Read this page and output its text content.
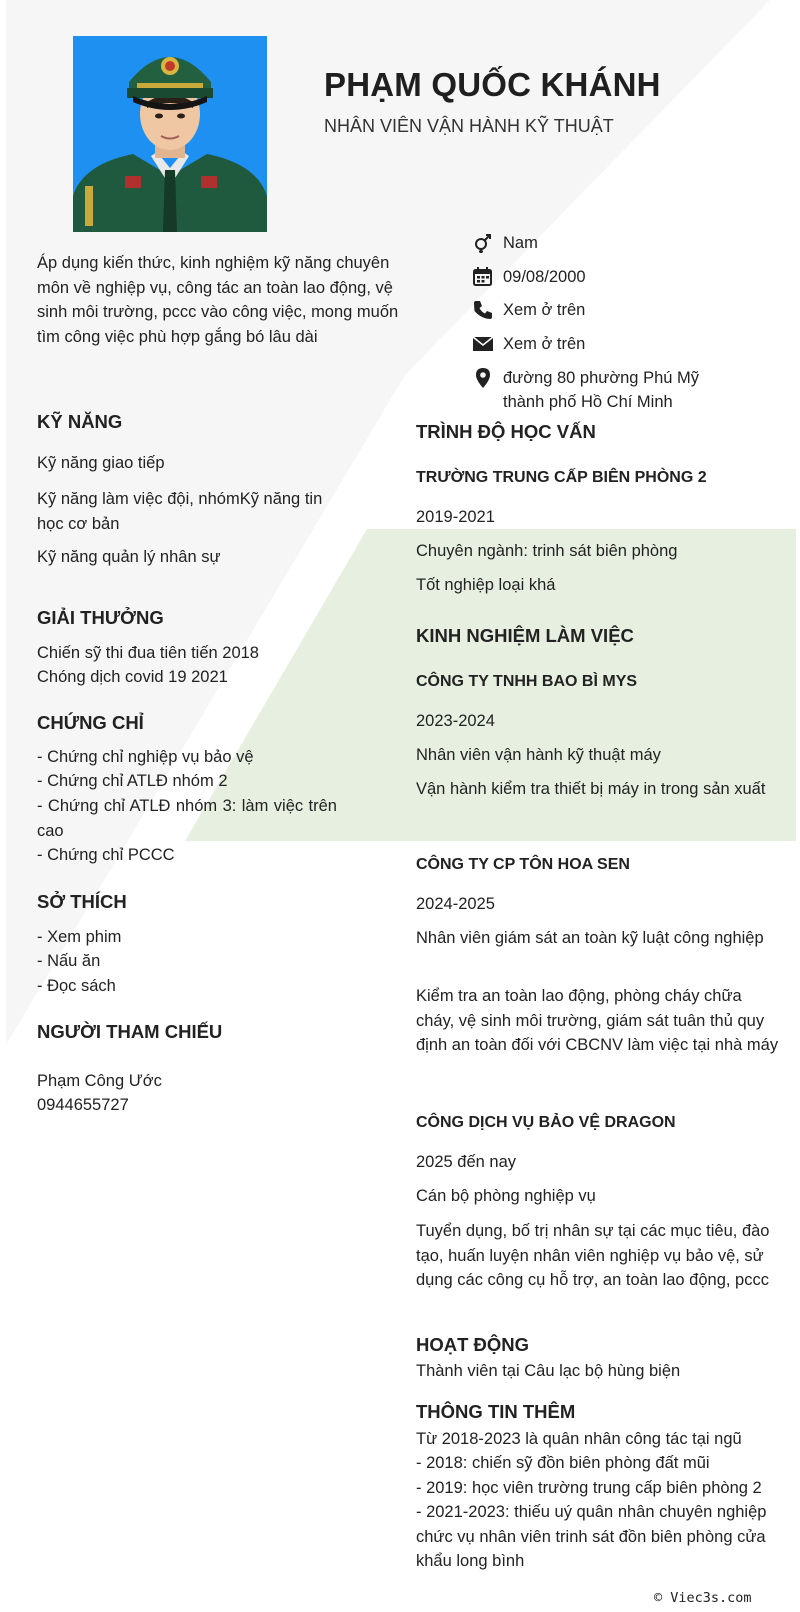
PHẠM QUỐC KHÁNH
NHÂN VIÊN VẬN HÀNH KỸ THUẬT
Áp dụng kiến thức, kinh nghiệm kỹ năng chuyên môn về nghiệp vụ, công tác an toàn lao động, vệ sinh môi trường, pccc vào công việc, mong muốn tìm công việc phù hợp gắng bó lâu dài
Nam
09/08/2000
Xem ở trên
Xem ở trên
đường 80 phường Phú Mỹ
thành phố Hồ Chí Minh
KỸ NĂNG
Kỹ năng giao tiếp
Kỹ năng làm việc đội, nhómKỹ năng tin học cơ bản
Kỹ năng quản lý nhân sự
GIẢI THƯỞNG
Chiến sỹ thi đua tiên tiến 2018
Chóng dịch covid 19 2021
CHỨNG CHỈ
- Chứng chỉ nghiệp vụ bảo vệ
- Chứng chỉ ATLĐ nhóm 2
- Chứng chỉ ATLĐ nhóm 3: làm việc trên cao
- Chứng chỉ PCCC
SỞ THÍCH
- Xem phim
- Nấu ăn
- Đọc sách
NGƯỜI THAM CHIẾU
Phạm Công Ước
0944655727
TRÌNH ĐỘ HỌC VẤN
TRƯỜNG TRUNG CẤP BIÊN PHÒNG 2
2019-2021
Chuyên ngành: trinh sát biên phòng
Tốt nghiệp loại khá
KINH NGHIỆM LÀM VIỆC
CÔNG TY TNHH BAO BÌ MYS
2023-2024
Nhân viên vận hành kỹ thuật máy
Vận hành kiểm tra thiết bị máy in trong sản xuất
CÔNG TY CP TÔN HOA SEN
2024-2025
Nhân viên giám sát an toàn kỹ luật công nghiệp
Kiểm tra an toàn lao động, phòng cháy chữa cháy, vệ sinh môi trường, giám sát tuân thủ quy định an toàn đối với CBCNV làm việc tại nhà máy
CÔNG DỊCH VỤ BẢO VỆ DRAGON
2025 đến nay
Cán bộ phòng nghiệp vụ
Tuyển dụng, bố trị nhân sự tại các mục tiêu, đào tạo, huấn luyện nhân viên nghiệp vụ bảo vệ, sử dụng các công cụ hỗ trợ, an toàn lao động, pccc
HOẠT ĐỘNG
Thành viên tại Câu lạc bộ hùng biện
THÔNG TIN THÊM
Từ 2018-2023 là quân nhân công tác tại ngũ
- 2018: chiến sỹ đồn biên phòng đất mũi
- 2019: học viên trường trung cấp biên phòng 2
- 2021-2023: thiếu uý quân nhân chuyên nghiệp chức vụ nhân viên trinh sát đồn biên phòng cửa khẩu long bình
© Viec3s.com
